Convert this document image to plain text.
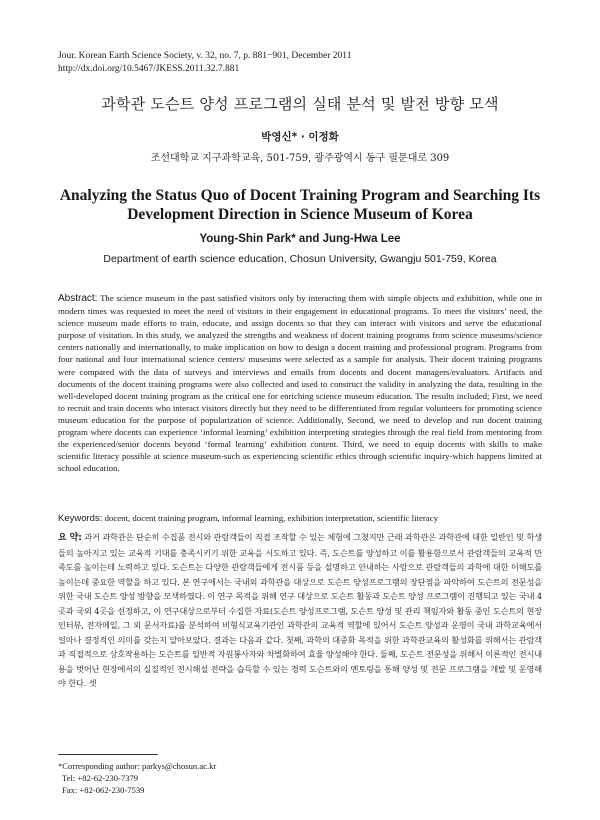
Jour. Korean Earth Science Society, v. 32, no. 7, p. 881−901, December 2011
http://dx.doi.org/10.5467/JKESS.2011.32.7.881
과학관 도슨트 양성 프로그램의 실태 분석 및 발전 방향 모색
박영신* · 이정화
조선대학교 지구과학교육, 501-759, 광주광역시 동구 필문대로 309
Analyzing the Status Quo of Docent Training Program and Searching Its Development Direction in Science Museum of Korea
Young-Shin Park* and Jung-Hwa Lee
Department of earth science education, Chosun University, Gwangju 501-759, Korea
Abstract: The science museum in the past satisfied visitors only by interacting them with simple objects and exhibition, while one in modern times was requested to meet the need of visitors in their engagement in educational programs. To meet the visitors’ need, the science museum made efforts to train, educate, and assign docents so that they can interact with visitors and serve the educational purpose of visitation. In this study, we analyzed the strengths and weakness of docent training programs from science museums/science centers nationally and internationally, to make implication on how to design a docent training and professional program. Programs from four national and four international science centers/ museums were selected as a sample for analysis. Their docent training programs were compared with the data of surveys and interviews and emails from docents and docent managers/evaluators. Artifacts and documents of the docent training programs were also collected and used to construct the validity in analyzing the data, resulting in the well-developed docent training program as the critical one for enriching science museum education. The results included; First, we need to recruit and train docents who interact visitors directly but they need to be differentiated from regular volunteers for promoting science museum education for the purpose of popularization of science. Additionally, Second, we need to develop and run docent training program where docents can experience ‘informal learning’ exhibition interpreting strategies through the real field from mentoring from the experienced/senior docents beyond ‘formal learning’ exhibition content. Third, we need to equip docents with skills to make scientific literacy possible at science museum-such as experiencing scientific ethics through scientific inquiry-which happens limited at school education.
Keywords: docent, docent training program, informal learning, exhibition interpretation, scientific literacy
요 약: 과거 과학관은 단순히 수집품 전시와 관람객들이 직접 조작할 수 있는 체험에 그쳤지만 근래 과학관은 과학관에 대한 일반인 및 학생들의 높아지고 있는 교육적 기대를 충족시키기 위한 교육을 시도하고 있다. 즉, 도슨트를 양성하고 이를 활용함으로서 관람객들의 교육적 만족도를 높이는데 노력하고 있다. 도슨트는 다양한 관람객들에게 전시품 등을 설명하고 안내하는 사람으로 관람객들의 과학에 대한 이해도를 높이는데 중요한 역할을 하고 있다. 본 연구에서는 국내외 과학관을 대상으로 도슨트 양성프로그램의 장단점을 파악하여 도슨트의 전문성을 위한 국내 도슨트 양성 방향을 모색하였다. 이 연구 목적을 위해 연구 대상으로 도슨트 활동과 도슨트 양성 프로그램이 진행되고 있는 국내 4곳과 국외 4곳을 선정하고, 이 연구대상으로부터 수집한 자료(도슨트 양성프로그램, 도슨트 양성 및 관리 책임자와 활동 중인 도슨트의 현장 인터뷰, 전자메일, 그 외 문서자료)를 분석하여 비형식교육기관인 과학관의 교육적 역할에 있어서 도슨트 양성과 운영이 국내 과학교육에서 얼마나 결정적인 의미를 갖는지 알아보았다. 결과는 다음과 같다. 첫째, 과학의 대중화 목적을 위한 과학관교육의 활성화를 위해서는 관람객과 직접적으로 상호작용하는 도슨트를 일반적 자원봉사자와 차별화하여 효율 양성해야 한다. 둘째, 도슨트 전문성을 위해서 이론적인 전시내용을 벗어난 현장에서의 실질적인 전시해설 전략을 습득할 수 있는 경력 도슨트와의 멘토링을 통해 양성 및 전문 프로그램을 개발 및 운영해야 한다. 셋
*Corresponding author: parkys@chosun.ac.kr
Tel: +82-62-230-7379
Fax: +82-062-230-7539
